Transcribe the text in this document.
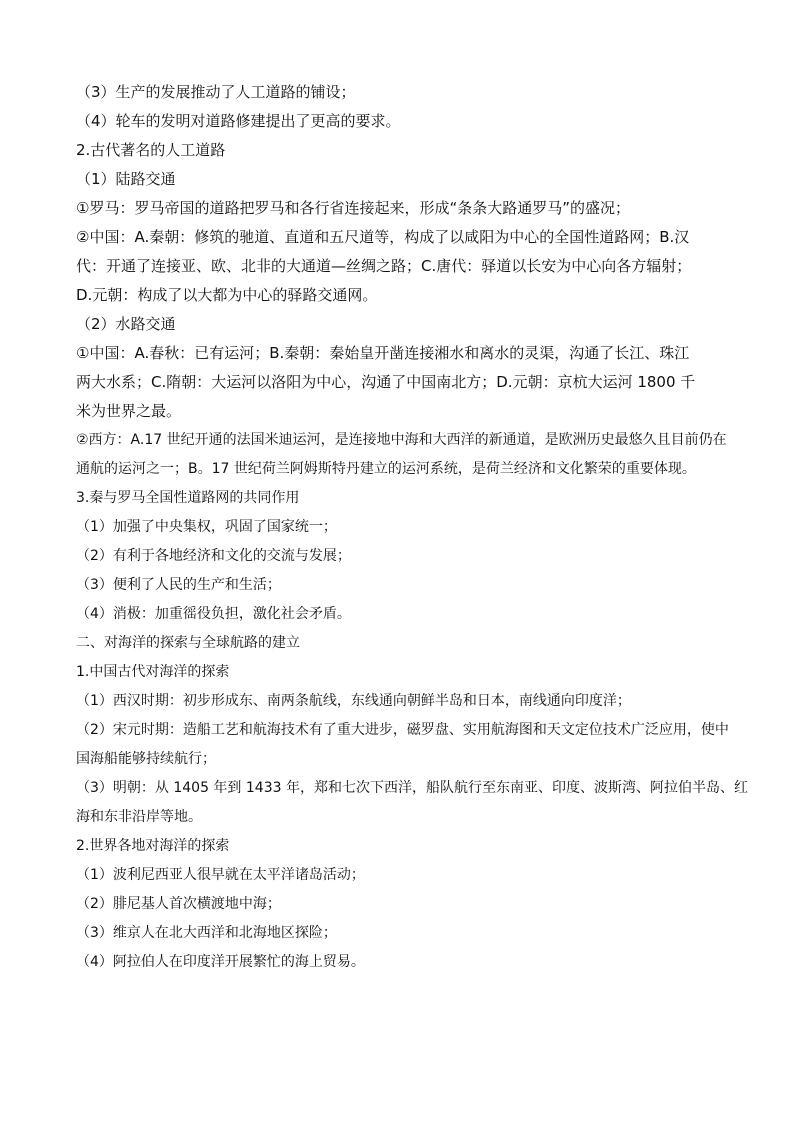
（3）生产的发展推动了人工道路的铺设；

（4）轮车的发明对道路修建提出了更高的要求。

2.古代著名的人工道路

（1）陆路交通

①罗马：罗马帝国的道路把罗马和各行省连接起来，形成“条条大路通罗马”的盛况；

②中国：A.秦朝：修筑的驰道、直道和五尺道等，构成了以咸阳为中心的全国性道路网；B.汉

代：开通了连接亚、欧、北非的大通道—丝绸之路；C.唐代：驿道以长安为中心向各方辐射；

D.元朝：构成了以大都为中心的驿路交通网。

（2）水路交通

①中国：A.春秋：已有运河；B.秦朝：秦始皇开凿连接湘水和离水的灵渠，沟通了长江、珠江

两大水系；C.隋朝：大运河以洛阳为中心，沟通了中国南北方；D.元朝：京杭大运河 1800 千

米为世界之最。

②西方：A.17 世纪开通的法国米迪运河，是连接地中海和大西洋的新通道，是欧洲历史最悠久且目前仍在

通航的运河之一；B。17 世纪荷兰阿姆斯特丹建立的运河系统，是荷兰经济和文化繁荣的重要体现。

3.秦与罗马全国性道路网的共同作用

（1）加强了中央集权，巩固了国家统一；

（2）有利于各地经济和文化的交流与发展；

（3）便利了人民的生产和生活；

（4）消极：加重徭役负担，激化社会矛盾。

二、对海洋的探索与全球航路的建立

1.中国古代对海洋的探索

（1）西汉时期：初步形成东、南两条航线，东线通向朝鲜半岛和日本，南线通向印度洋；

（2）宋元时期：造船工艺和航海技术有了重大进步，磁罗盘、实用航海图和天文定位技术广泛应用，使中

国海船能够持续航行；

（3）明朝：从 1405 年到 1433 年，郑和七次下西洋，船队航行至东南亚、印度、波斯湾、阿拉伯半岛、红

海和东非沿岸等地。

2.世界各地对海洋的探索

（1）波利尼西亚人很早就在太平洋诸岛活动；

（2）腓尼基人首次横渡地中海；

（3）维京人在北大西洋和北海地区探险；

（4）阿拉伯人在印度洋开展繁忙的海上贸易。
